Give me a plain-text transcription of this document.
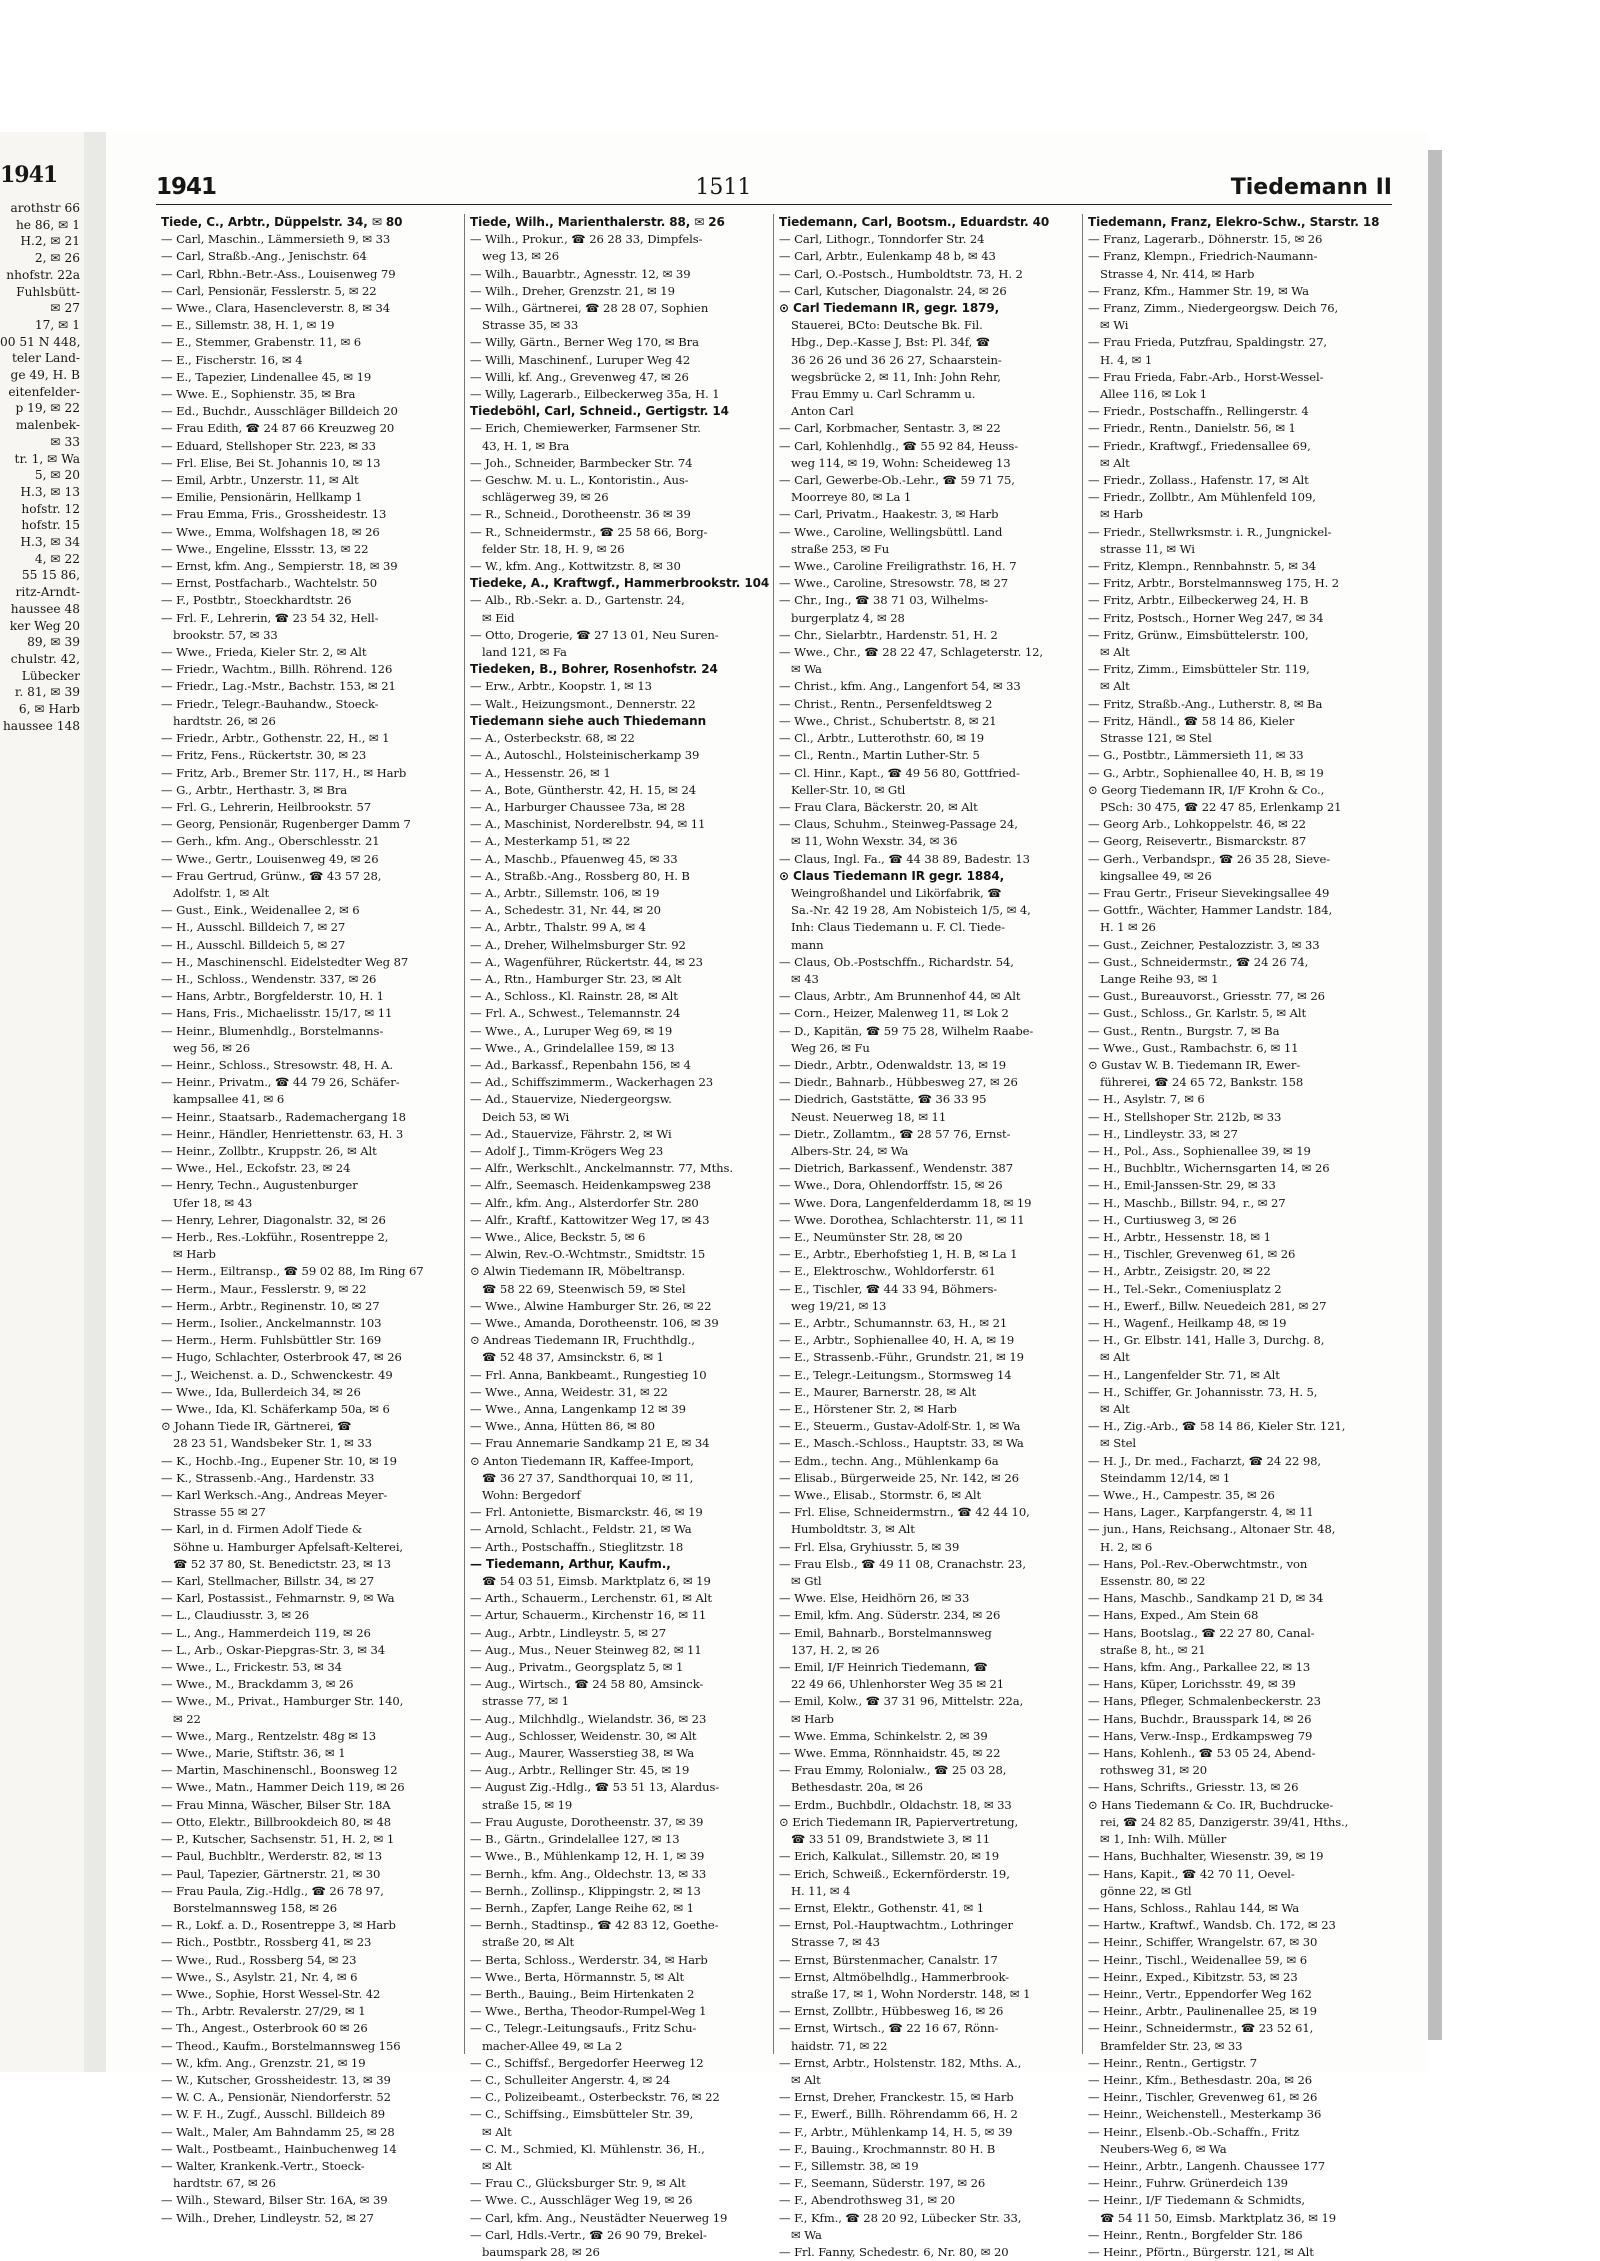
1941
arothstr 66
he 86, ✉ 1
H.2, ✉ 21
2, ✉ 26
nhofstr. 22a
Fuhlsbütt-
✉ 27
17, ✉ 1
00 51 N 448,
teler Land-
ge 49, H. B
eitenfelder-
p 19, ✉ 22
malenbek-
✉ 33
tr. 1, ✉ Wa
5, ✉ 20
H.3, ✉ 13
hofstr. 12
hofstr. 15
H.3, ✉ 34
4, ✉ 22
55 15 86,
ritz-Arndt-
haussee 48
ker Weg 20
89, ✉ 39
chulstr. 42,
Lübecker
r. 81, ✉ 39
6, ✉ Harb
haussee 148
1941	1511	Tiedemann II
Tiede, C., Arbtr., Düppelstr. 34, ✉ 80
— Carl, Maschin., Lämmersieth 9, ✉ 33
— Carl, Straßb.-Ang., Jenischstr. 64
— Carl, Rbhn.-Betr.-Ass., Louisenweg 79
— Carl, Pensionär, Fesslerstr. 5, ✉ 22
— Wwe., Clara, Hasencleverstr. 8, ✉ 34
— E., Sillemstr. 38, H. 1, ✉ 19
— E., Stemmer, Grabenstr. 11, ✉ 6
— E., Fischerstr. 16, ✉ 4
— E., Tapezier, Lindenallee 45, ✉ 19
— Wwe. E., Sophienstr. 35, ✉ Bra
— Ed., Buchdr., Ausschläger Billdeich 20
— Frau Edith, ☎ 24 87 66 Kreuzweg 20
— Eduard, Stellshoper Str. 223, ✉ 33
— Frl. Elise, Bei St. Johannis 10, ✉ 13
— Emil, Arbtr., Unzerstr. 11, ✉ Alt
— Emilie, Pensionärin, Hellkamp 1
— Frau Emma, Fris., Grossheidestr. 13
— Wwe., Emma, Wolfshagen 18, ✉ 26
— Wwe., Engeline, Elssstr. 13, ✉ 22
— Ernst, kfm. Ang., Sempierstr. 18, ✉ 39
— Ernst, Postfacharb., Wachtelstr. 50
— F., Postbtr., Stoeckhardtstr. 26
— Frl. F., Lehrerin, ☎ 23 54 32, Hell-
brookstr. 57, ✉ 33
— Wwe., Frieda, Kieler Str. 2, ✉ Alt
— Friedr., Wachtm., Billh. Röhrend. 126
— Friedr., Lag.-Mstr., Bachstr. 153, ✉ 21
— Friedr., Telegr.-Bauhandw., Stoeck-
hardtstr. 26, ✉ 26
— Friedr., Arbtr., Gothenstr. 22, H., ✉ 1
— Fritz, Fens., Rückertstr. 30, ✉ 23
— Fritz, Arb., Bremer Str. 117, H., ✉ Harb
— G., Arbtr., Herthastr. 3, ✉ Bra
— Frl. G., Lehrerin, Heilbrookstr. 57
— Georg, Pensionär, Rugenberger Damm 7
— Gerh., kfm. Ang., Oberschlesstr. 21
— Wwe., Gertr., Louisenweg 49, ✉ 26
— Frau Gertrud, Grünw., ☎ 43 57 28,
Adolfstr. 1, ✉ Alt
— Gust., Eink., Weidenallee 2, ✉ 6
— H., Ausschl. Billdeich 7, ✉ 27
— H., Ausschl. Billdeich 5, ✉ 27
— H., Maschinenschl. Eidelstedter Weg 87
— H., Schloss., Wendenstr. 337, ✉ 26
— Hans, Arbtr., Borgfelderstr. 10, H. 1
— Hans, Fris., Michaelisstr. 15/17, ✉ 11
— Heinr., Blumenhdlg., Borstelmanns-
weg 56, ✉ 26
— Heinr., Schloss., Stresowstr. 48, H. A.
— Heinr., Privatm., ☎ 44 79 26, Schäfer-
kampsallee 41, ✉ 6
— Heinr., Staatsarb., Rademachergang 18
— Heinr., Händler, Henriettenstr. 63, H. 3
— Heinr., Zollbtr., Kruppstr. 26, ✉ Alt
— Wwe., Hel., Eckofstr. 23, ✉ 24
— Henry, Techn., Augustenburger
Ufer 18, ✉ 43
— Henry, Lehrer, Diagonalstr. 32, ✉ 26
— Herb., Res.-Lokführ., Rosentreppe 2,
✉ Harb
— Herm., Eiltransp., ☎ 59 02 88, Im Ring 67
— Herm., Maur., Fesslerstr. 9, ✉ 22
— Herm., Arbtr., Reginenstr. 10, ✉ 27
— Herm., Isolier., Anckelmannstr. 103
— Herm., Herm. Fuhlsbüttler Str. 169
— Hugo, Schlachter, Osterbrook 47, ✉ 26
— J., Weichenst. a. D., Schwenckestr. 49
— Wwe., Ida, Bullerdeich 34, ✉ 26
— Wwe., Ida, Kl. Schäferkamp 50a, ✉ 6
⊙ Johann Tiede IR, Gärtnerei, ☎
28 23 51, Wandsbeker Str. 1, ✉ 33
— K., Hochb.-Ing., Eupener Str. 10, ✉ 19
— K., Strassenb.-Ang., Hardenstr. 33
— Karl Werksch.-Ang., Andreas Meyer-
Strasse 55 ✉ 27
— Karl, in d. Firmen Adolf Tiede &
Söhne u. Hamburger Apfelsaft-Kelterei,
☎ 52 37 80, St. Benedictstr. 23, ✉ 13
— Karl, Stellmacher, Billstr. 34, ✉ 27
— Karl, Postassist., Fehmarnstr. 9, ✉ Wa
— L., Claudiusstr. 3, ✉ 26
— L., Ang., Hammerdeich 119, ✉ 26
— L., Arb., Oskar-Piepgras-Str. 3, ✉ 34
— Wwe., L., Frickestr. 53, ✉ 34
— Wwe., M., Brackdamm 3, ✉ 26
— Wwe., M., Privat., Hamburger Str. 140,
✉ 22
— Wwe., Marg., Rentzelstr. 48g ✉ 13
— Wwe., Marie, Stiftstr. 36, ✉ 1
— Martin, Maschinenschl., Boonsweg 12
— Wwe., Matn., Hammer Deich 119, ✉ 26
— Frau Minna, Wäscher, Bilser Str. 18A
— Otto, Elektr., Billbrookdeich 80, ✉ 48
— P., Kutscher, Sachsenstr. 51, H. 2, ✉ 1
— Paul, Buchbltr., Werderstr. 82, ✉ 13
— Paul, Tapezier, Gärtnerstr. 21, ✉ 30
— Frau Paula, Zig.-Hdlg., ☎ 26 78 97,
Borstelmannsweg 158, ✉ 26
— R., Lokf. a. D., Rosentreppe 3, ✉ Harb
— Rich., Postbtr., Rossberg 41, ✉ 23
— Wwe., Rud., Rossberg 54, ✉ 23
— Wwe., S., Asylstr. 21, Nr. 4, ✉ 6
— Wwe., Sophie, Horst Wessel-Str. 42
— Th., Arbtr. Revalerstr. 27/29, ✉ 1
— Th., Angest., Osterbrook 60 ✉ 26
— Theod., Kaufm., Borstelmannsweg 156
— W., kfm. Ang., Grenzstr. 21, ✉ 19
— W., Kutscher, Grossheidestr. 13, ✉ 39
— W. C. A., Pensionär, Niendorferstr. 52
— W. F. H., Zugf., Ausschl. Billdeich 89
— Walt., Maler, Am Bahndamm 25, ✉ 28
— Walt., Postbeamt., Hainbuchenweg 14
— Walter, Krankenk.-Vertr., Stoeck-
hardtstr. 67, ✉ 26
— Wilh., Steward, Bilser Str. 16A, ✉ 39
— Wilh., Dreher, Lindleystr. 52, ✉ 27
Tiede, Wilh., Marienthalerstr. 88, ✉ 26
— Wilh., Prokur., ☎ 26 28 33, Dimpfels-
weg 13, ✉ 26
— Wilh., Bauarbtr., Agnesstr. 12, ✉ 39
— Wilh., Dreher, Grenzstr. 21, ✉ 19
— Wilh., Gärtnerei, ☎ 28 28 07, Sophien
Strasse 35, ✉ 33
— Willy, Gärtn., Berner Weg 170, ✉ Bra
— Willi, Maschinenf., Luruper Weg 42
— Willi, kf. Ang., Grevenweg 47, ✉ 26
— Willy, Lagerarb., Eilbeckerweg 35a, H. 1
Tiedeböhl, Carl, Schneid., Gertigstr. 14
— Erich, Chemiewerker, Farmsener Str.
43, H. 1, ✉ Bra
— Joh., Schneider, Barmbecker Str. 74
— Geschw. M. u. L., Kontoristin., Aus-
schlägerweg 39, ✉ 26
— R., Schneid., Dorotheenstr. 36 ✉ 39
— R., Schneidermstr., ☎ 25 58 66, Borg-
felder Str. 18, H. 9, ✉ 26
— W., kfm. Ang., Kottwitzstr. 8, ✉ 30
Tiedeke, A., Kraftwgf., Hammerbrookstr. 104
— Alb., Rb.-Sekr. a. D., Gartenstr. 24,
✉ Eid
— Otto, Drogerie, ☎ 27 13 01, Neu Suren-
land 121, ✉ Fa
Tiedeken, B., Bohrer, Rosenhofstr. 24
— Erw., Arbtr., Koopstr. 1, ✉ 13
— Walt., Heizungsmont., Dennerstr. 22
Tiedemann siehe auch Thiedemann
— A., Osterbeckstr. 68, ✉ 22
— A., Autoschl., Holsteinischerkamp 39
— A., Hessenstr. 26, ✉ 1
— A., Bote, Güntherstr. 42, H. 15, ✉ 24
— A., Harburger Chaussee 73a, ✉ 28
— A., Maschinist, Norderelbstr. 94, ✉ 11
— A., Mesterkamp 51, ✉ 22
— A., Maschb., Pfauenweg 45, ✉ 33
— A., Straßb.-Ang., Rossberg 80, H. B
— A., Arbtr., Sillemstr. 106, ✉ 19
— A., Schedestr. 31, Nr. 44, ✉ 20
— A., Arbtr., Thalstr. 99 A, ✉ 4
— A., Dreher, Wilhelmsburger Str. 92
— A., Wagenführer, Rückertstr. 44, ✉ 23
— A., Rtn., Hamburger Str. 23, ✉ Alt
— A., Schloss., Kl. Rainstr. 28, ✉ Alt
— Frl. A., Schwest., Telemannstr. 24
— Wwe., A., Luruper Weg 69, ✉ 19
— Wwe., A., Grindelallee 159, ✉ 13
— Ad., Barkassf., Repenbahn 156, ✉ 4
— Ad., Schiffszimmerm., Wackerhagen 23
— Ad., Stauervize, Niedergeorgsw.
Deich 53, ✉ Wi
— Ad., Stauervize, Fährstr. 2, ✉ Wi
— Adolf J., Timm-Krögers Weg 23
— Alfr., Werkschlt., Anckelmannstr. 77, Mths.
— Alfr., Seemasch. Heidenkampsweg 238
— Alfr., kfm. Ang., Alsterdorfer Str. 280
— Alfr., Kraftf., Kattowitzer Weg 17, ✉ 43
— Wwe., Alice, Beckstr. 5, ✉ 6
— Alwin, Rev.-O.-Wchtmstr., Smidtstr. 15
⊙ Alwin Tiedemann IR, Möbeltransp.
☎ 58 22 69, Steenwisch 59, ✉ Stel
— Wwe., Alwine Hamburger Str. 26, ✉ 22
— Wwe., Amanda, Dorotheenstr. 106, ✉ 39
⊙ Andreas Tiedemann IR, Fruchthdlg.,
☎ 52 48 37, Amsinckstr. 6, ✉ 1
— Frl. Anna, Bankbeamt., Rungestieg 10
— Wwe., Anna, Weidestr. 31, ✉ 22
— Wwe., Anna, Langenkamp 12 ✉ 39
— Wwe., Anna, Hütten 86, ✉ 80
— Frau Annemarie Sandkamp 21 E, ✉ 34
⊙ Anton Tiedemann IR, Kaffee-Import,
☎ 36 27 37, Sandthorquai 10, ✉ 11,
Wohn: Bergedorf
— Frl. Antoniette, Bismarckstr. 46, ✉ 19
— Arnold, Schlacht., Feldstr. 21, ✉ Wa
— Arth., Postschaffn., Stieglitzstr. 18
— Tiedemann, Arthur, Kaufm.,
☎ 54 03 51, Eimsb. Marktplatz 6, ✉ 19
— Arth., Schauerm., Lerchenstr. 61, ✉ Alt
— Artur, Schauerm., Kirchenstr 16, ✉ 11
— Aug., Arbtr., Lindleystr. 5, ✉ 27
— Aug., Mus., Neuer Steinweg 82, ✉ 11
— Aug., Privatm., Georgsplatz 5, ✉ 1
— Aug., Wirtsch., ☎ 24 58 80, Amsinck-
strasse 77, ✉ 1
— Aug., Milchhdlg., Wielandstr. 36, ✉ 23
— Aug., Schlosser, Weidenstr. 30, ✉ Alt
— Aug., Maurer, Wasserstieg 38, ✉ Wa
— Aug., Arbtr., Rellinger Str. 45, ✉ 19
— August Zig.-Hdlg., ☎ 53 51 13, Alardus-
straße 15, ✉ 19
— Frau Auguste, Dorotheenstr. 37, ✉ 39
— B., Gärtn., Grindelallee 127, ✉ 13
— Wwe., B., Mühlenkamp 12, H. 1, ✉ 39
— Bernh., kfm. Ang., Oldechstr. 13, ✉ 33
— Bernh., Zollinsp., Klippingstr. 2, ✉ 13
— Bernh., Zapfer, Lange Reihe 62, ✉ 1
— Bernh., Stadtinsp., ☎ 42 83 12, Goethe-
straße 20, ✉ Alt
— Berta, Schloss., Werderstr. 34, ✉ Harb
— Wwe., Berta, Hörmannstr. 5, ✉ Alt
— Berth., Bauing., Beim Hirtenkaten 2
— Wwe., Bertha, Theodor-Rumpel-Weg 1
— C., Telegr.-Leitungsaufs., Fritz Schu-
macher-Allee 49, ✉ La 2
— C., Schiffsf., Bergedorfer Heerweg 12
— C., Schulleiter Angerstr. 4, ✉ 24
— C., Polizeibeamt., Osterbeckstr. 76, ✉ 22
— C., Schiffsing., Eimsbütteler Str. 39,
✉ Alt
— C. M., Schmied, Kl. Mühlenstr. 36, H.,
✉ Alt
— Frau C., Glücksburger Str. 9, ✉ Alt
— Wwe. C., Ausschläger Weg 19, ✉ 26
— Carl, kfm. Ang., Neustädter Neuerweg 19
— Carl, Hdls.-Vertr., ☎ 26 90 79, Brekel-
baumspark 28, ✉ 26
Tiedemann, Carl, Bootsm., Eduardstr. 40
— Carl, Lithogr., Tonndorfer Str. 24
— Carl, Arbtr., Eulenkamp 48 b, ✉ 43
— Carl, O.-Postsch., Humboldtstr. 73, H. 2
— Carl, Kutscher, Diagonalstr. 24, ✉ 26
⊙ Carl Tiedemann IR, gegr. 1879,
Stauerei, BCto: Deutsche Bk. Fil.
Hbg., Dep.-Kasse J, Bst: Pl. 34f, ☎
36 26 26 und 36 26 27, Schaarstein-
wegsbrücke 2, ✉ 11, Inh: John Rehr,
Frau Emmy u. Carl Schramm u.
Anton Carl
— Carl, Korbmacher, Sentastr. 3, ✉ 22
— Carl, Kohlenhdlg., ☎ 55 92 84, Heuss-
weg 114, ✉ 19, Wohn: Scheideweg 13
— Carl, Gewerbe-Ob.-Lehr., ☎ 59 71 75,
Moorreye 80, ✉ La 1
— Carl, Privatm., Haakestr. 3, ✉ Harb
— Wwe., Caroline, Wellingsbüttl. Land
straße 253, ✉ Fu
— Wwe., Caroline Freiligrathstr. 16, H. 7
— Wwe., Caroline, Stresowstr. 78, ✉ 27
— Chr., Ing., ☎ 38 71 03, Wilhelms-
burgerplatz 4, ✉ 28
— Chr., Sielarbtr., Hardenstr. 51, H. 2
— Wwe., Chr., ☎ 28 22 47, Schlageterstr. 12,
✉ Wa
— Christ., kfm. Ang., Langenfort 54, ✉ 33
— Christ., Rentn., Persenfeldtsweg 2
— Wwe., Christ., Schubertstr. 8, ✉ 21
— Cl., Arbtr., Lutterothstr. 60, ✉ 19
— Cl., Rentn., Martin Luther-Str. 5
— Cl. Hinr., Kapt., ☎ 49 56 80, Gottfried-
Keller-Str. 10, ✉ Gtl
— Frau Clara, Bäckerstr. 20, ✉ Alt
— Claus, Schuhm., Steinweg-Passage 24,
✉ 11, Wohn Wexstr. 34, ✉ 36
— Claus, Ingl. Fa., ☎ 44 38 89, Badestr. 13
⊙ Claus Tiedemann IR gegr. 1884,
Weingroßhandel und Likörfabrik, ☎
Sa.-Nr. 42 19 28, Am Nobisteich 1/5, ✉ 4,
Inh: Claus Tiedemann u. F. Cl. Tiede-
mann
— Claus, Ob.-Postschffn., Richardstr. 54,
✉ 43
— Claus, Arbtr., Am Brunnenhof 44, ✉ Alt
— Corn., Heizer, Malenweg 11, ✉ Lok 2
— D., Kapitän, ☎ 59 75 28, Wilhelm Raabe-
Weg 26, ✉ Fu
— Diedr., Arbtr., Odenwaldstr. 13, ✉ 19
— Diedr., Bahnarb., Hübbesweg 27, ✉ 26
— Diedrich, Gaststätte, ☎ 36 33 95
Neust. Neuerweg 18, ✉ 11
— Dietr., Zollamtm., ☎ 28 57 76, Ernst-
Albers-Str. 24, ✉ Wa
— Dietrich, Barkassenf., Wendenstr. 387
— Wwe., Dora, Ohlendorffstr. 15, ✉ 26
— Wwe. Dora, Langenfelderdamm 18, ✉ 19
— Wwe. Dorothea, Schlachterstr. 11, ✉ 11
— E., Neumünster Str. 28, ✉ 20
— E., Arbtr., Eberhofstieg 1, H. B, ✉ La 1
— E., Elektroschw., Wohldorferstr. 61
— E., Tischler, ☎ 44 33 94, Böhmers-
weg 19/21, ✉ 13
— E., Arbtr., Schumannstr. 63, H., ✉ 21
— E., Arbtr., Sophienallee 40, H. A, ✉ 19
— E., Strassenb.-Führ., Grundstr. 21, ✉ 19
— E., Telegr.-Leitungsm., Stormsweg 14
— E., Maurer, Barnerstr. 28, ✉ Alt
— E., Hörstener Str. 2, ✉ Harb
— E., Steuerm., Gustav-Adolf-Str. 1, ✉ Wa
— E., Masch.-Schloss., Hauptstr. 33, ✉ Wa
— Edm., techn. Ang., Mühlenkamp 6a
— Elisab., Bürgerweide 25, Nr. 142, ✉ 26
— Wwe., Elisab., Stormstr. 6, ✉ Alt
— Frl. Elise, Schneidermstrn., ☎ 42 44 10,
Humboldtstr. 3, ✉ Alt
— Frl. Elsa, Gryhiusstr. 5, ✉ 39
— Frau Elsb., ☎ 49 11 08, Cranachstr. 23,
✉ Gtl
— Wwe. Else, Heidhörn 26, ✉ 33
— Emil, kfm. Ang. Süderstr. 234, ✉ 26
— Emil, Bahnarb., Borstelmannsweg
137, H. 2, ✉ 26
— Emil, I/F Heinrich Tiedemann, ☎
22 49 66, Uhlenhorster Weg 35 ✉ 21
— Emil, Kolw., ☎ 37 31 96, Mittelstr. 22a,
✉ Harb
— Wwe. Emma, Schinkelstr. 2, ✉ 39
— Wwe. Emma, Rönnhaidstr. 45, ✉ 22
— Frau Emmy, Rolonialw., ☎ 25 03 28,
Bethesdastr. 20a, ✉ 26
— Erdm., Buchbdlr., Oldachstr. 18, ✉ 33
⊙ Erich Tiedemann IR, Papiervertretung,
☎ 33 51 09, Brandstwiete 3, ✉ 11
— Erich, Kalkulat., Sillemstr. 20, ✉ 19
— Erich, Schweiß., Eckernförderstr. 19,
H. 11, ✉ 4
— Ernst, Elektr., Gothenstr. 41, ✉ 1
— Ernst, Pol.-Hauptwachtm., Lothringer
Strasse 7, ✉ 43
— Ernst, Bürstenmacher, Canalstr. 17
— Ernst, Altmöbelhdlg., Hammerbrook-
straße 17, ✉ 1, Wohn Norderstr. 148, ✉ 1
— Ernst, Zollbtr., Hübbesweg 16, ✉ 26
— Ernst, Wirtsch., ☎ 22 16 67, Rönn-
haidstr. 71, ✉ 22
— Ernst, Arbtr., Holstenstr. 182, Mths. A.,
✉ Alt
— Ernst, Dreher, Franckestr. 15, ✉ Harb
— F., Ewerf., Billh. Röhrendamm 66, H. 2
— F., Arbtr., Mühlenkamp 14, H. 5, ✉ 39
— F., Bauing., Krochmannstr. 80 H. B
— F., Sillemstr. 38, ✉ 19
— F., Seemann, Süderstr. 197, ✉ 26
— F., Abendrothsweg 31, ✉ 20
— F., Kfm., ☎ 28 20 92, Lübecker Str. 33,
✉ Wa
— Frl. Fanny, Schedestr. 6, Nr. 80, ✉ 20
Tiedemann, Franz, Elekro-Schw., Starstr. 18
— Franz, Lagerarb., Döhnerstr. 15, ✉ 26
— Franz, Klempn., Friedrich-Naumann-
Strasse 4, Nr. 414, ✉ Harb
— Franz, Kfm., Hammer Str. 19, ✉ Wa
— Franz, Zimm., Niedergeorgsw. Deich 76,
✉ Wi
— Frau Frieda, Putzfrau, Spaldingstr. 27,
H. 4, ✉ 1
— Frau Frieda, Fabr.-Arb., Horst-Wessel-
Allee 116, ✉ Lok 1
— Friedr., Postschaffn., Rellingerstr. 4
— Friedr., Rentn., Danielstr. 56, ✉ 1
— Friedr., Kraftwgf., Friedensallee 69,
✉ Alt
— Friedr., Zollass., Hafenstr. 17, ✉ Alt
— Friedr., Zollbtr., Am Mühlenfeld 109,
✉ Harb
— Friedr., Stellwrksmstr. i. R., Jungnickel-
strasse 11, ✉ Wi
— Fritz, Klempn., Rennbahnstr. 5, ✉ 34
— Fritz, Arbtr., Borstelmannsweg 175, H. 2
— Fritz, Arbtr., Eilbeckerweg 24, H. B
— Fritz, Postsch., Horner Weg 247, ✉ 34
— Fritz, Grünw., Eimsbüttelerstr. 100,
✉ Alt
— Fritz, Zimm., Eimsbütteler Str. 119,
✉ Alt
— Fritz, Straßb.-Ang., Lutherstr. 8, ✉ Ba
— Fritz, Händl., ☎ 58 14 86, Kieler
Strasse 121, ✉ Stel
— G., Postbtr., Lämmersieth 11, ✉ 33
— G., Arbtr., Sophienallee 40, H. B, ✉ 19
⊙ Georg Tiedemann IR, I/F Krohn & Co.,
PSch: 30 475, ☎ 22 47 85, Erlenkamp 21
— Georg Arb., Lohkoppelstr. 46, ✉ 22
— Georg, Reisevertr., Bismarckstr. 87
— Gerh., Verbandspr., ☎ 26 35 28, Sieve-
kingsallee 49, ✉ 26
— Frau Gertr., Friseur Sievekingsallee 49
— Gottfr., Wächter, Hammer Landstr. 184,
H. 1 ✉ 26
— Gust., Zeichner, Pestalozzistr. 3, ✉ 33
— Gust., Schneidermstr., ☎ 24 26 74,
Lange Reihe 93, ✉ 1
— Gust., Bureauvorst., Griesstr. 77, ✉ 26
— Gust., Schloss., Gr. Karlstr. 5, ✉ Alt
— Gust., Rentn., Burgstr. 7, ✉ Ba
— Wwe., Gust., Rambachstr. 6, ✉ 11
⊙ Gustav W. B. Tiedemann IR, Ewer-
führerei, ☎ 24 65 72, Bankstr. 158
— H., Asylstr. 7, ✉ 6
— H., Stellshoper Str. 212b, ✉ 33
— H., Lindleystr. 33, ✉ 27
— H., Pol., Ass., Sophienallee 39, ✉ 19
— H., Buchbltr., Wichernsgarten 14, ✉ 26
— H., Emil-Janssen-Str. 29, ✉ 33
— H., Maschb., Billstr. 94, r., ✉ 27
— H., Curtiusweg 3, ✉ 26
— H., Arbtr., Hessenstr. 18, ✉ 1
— H., Tischler, Grevenweg 61, ✉ 26
— H., Arbtr., Zeisigstr. 20, ✉ 22
— H., Tel.-Sekr., Comeniusplatz 2
— H., Ewerf., Billw. Neuedeich 281, ✉ 27
— H., Wagenf., Heilkamp 48, ✉ 19
— H., Gr. Elbstr. 141, Halle 3, Durchg. 8,
✉ Alt
— H., Langenfelder Str. 71, ✉ Alt
— H., Schiffer, Gr. Johannisstr. 73, H. 5,
✉ Alt
— H., Zig.-Arb., ☎ 58 14 86, Kieler Str. 121,
✉ Stel
— H. J., Dr. med., Facharzt, ☎ 24 22 98,
Steindamm 12/14, ✉ 1
— Wwe., H., Campestr. 35, ✉ 26
— Hans, Lager., Karpfangerstr. 4, ✉ 11
— jun., Hans, Reichsang., Altonaer Str. 48,
H. 2, ✉ 6
— Hans, Pol.-Rev.-Oberwchtmstr., von
Essenstr. 80, ✉ 22
— Hans, Maschb., Sandkamp 21 D, ✉ 34
— Hans, Exped., Am Stein 68
— Hans, Bootslag., ☎ 22 27 80, Canal-
straße 8, ht., ✉ 21
— Hans, kfm. Ang., Parkallee 22, ✉ 13
— Hans, Küper, Lorichsstr. 49, ✉ 39
— Hans, Pfleger, Schmalenbeckerstr. 23
— Hans, Buchdr., Brausspark 14, ✉ 26
— Hans, Verw.-Insp., Erdkampsweg 79
— Hans, Kohlenh., ☎ 53 05 24, Abend-
rothsweg 31, ✉ 20
— Hans, Schrifts., Griesstr. 13, ✉ 26
⊙ Hans Tiedemann & Co. IR, Buchdrucke-
rei, ☎ 24 82 85, Danzigerstr. 39/41, Hths.,
✉ 1, Inh: Wilh. Müller
— Hans, Buchhalter, Wiesenstr. 39, ✉ 19
— Hans, Kapit., ☎ 42 70 11, Oevel-
gönne 22, ✉ Gtl
— Hans, Schloss., Rahlau 144, ✉ Wa
— Hartw., Kraftwf., Wandsb. Ch. 172, ✉ 23
— Heinr., Schiffer, Wrangelstr. 67, ✉ 30
— Heinr., Tischl., Weidenallee 59, ✉ 6
— Heinr., Exped., Kibitzstr. 53, ✉ 23
— Heinr., Vertr., Eppendorfer Weg 162
— Heinr., Arbtr., Paulinenallee 25, ✉ 19
— Heinr., Schneidermstr., ☎ 23 52 61,
Bramfelder Str. 23, ✉ 33
— Heinr., Rentn., Gertigstr. 7
— Heinr., Kfm., Bethesdastr. 20a, ✉ 26
— Heinr., Tischler, Grevenweg 61, ✉ 26
— Heinr., Weichenstell., Mesterkamp 36
— Heinr., Elsenb.-Ob.-Schaffn., Fritz
Neubers-Weg 6, ✉ Wa
— Heinr., Arbtr., Langenh. Chaussee 177
— Heinr., Fuhrw. Grünerdeich 139
— Heinr., I/F Tiedemann & Schmidts,
☎ 54 11 50, Eimsb. Marktplatz 36, ✉ 19
— Heinr., Rentn., Borgfelder Str. 186
— Heinr., Pförtn., Bürgerstr. 121, ✉ Alt
